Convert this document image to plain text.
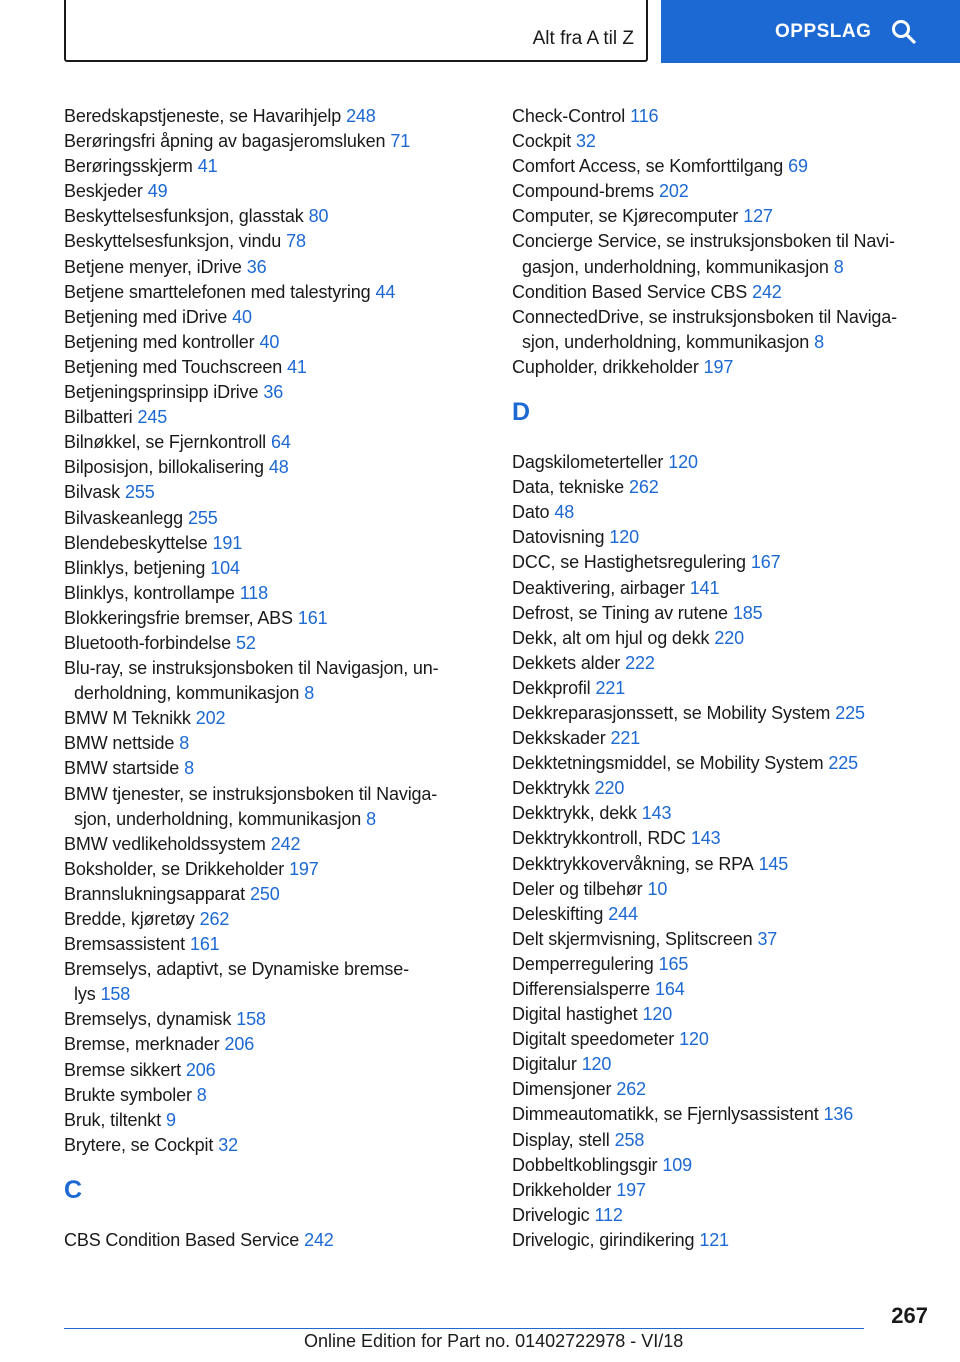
Alt fra A til Z	OPPSLAG
Beredskapstjeneste, se Havarihjelp 248
Berøringsfri åpning av bagasjeromsluken 71
Berøringsskjerm 41
Beskjeder 49
Beskyttelsesfunksjon, glasstak 80
Beskyttelsesfunksjon, vindu 78
Betjene menyer, iDrive 36
Betjene smarttelefonen med talestyring 44
Betjening med iDrive 40
Betjening med kontroller 40
Betjening med Touchscreen 41
Betjeningsprinsipp iDrive 36
Bilbatteri 245
Bilnøkkel, se Fjernkontroll 64
Bilposisjon, billokalisering 48
Bilvask 255
Bilvaskeanlegg 255
Blendebeskyttelse 191
Blinklys, betjening 104
Blinklys, kontrollampe 118
Blokkeringsfrie bremser, ABS 161
Bluetooth-forbindelse 52
Blu-ray, se instruksjonsboken til Navigasjon, un‐
derholdning, kommunikasjon 8
BMW M Teknikk 202
BMW nettside 8
BMW startside 8
BMW tjenester, se instruksjonsboken til Naviga‐
sjon, underholdning, kommunikasjon 8
BMW vedlikeholdssystem 242
Boksholder, se Drikkeholder 197
Brannslukningsapparat 250
Bredde, kjøretøy 262
Bremsassistent 161
Bremselys, adaptivt, se Dynamiske bremse‐
lys 158
Bremselys, dynamisk 158
Bremse, merknader 206
Bremse sikkert 206
Brukte symboler 8
Bruk, tiltenkt 9
Brytere, se Cockpit 32
C
CBS Condition Based Service 242
Check-Control 116
Cockpit 32
Comfort Access, se Komforttilgang 69
Compound-brems 202
Computer, se Kjørecomputer 127
Concierge Service, se instruksjonsboken til Navi‐
gasjon, underholdning, kommunikasjon 8
Condition Based Service CBS 242
ConnectedDrive, se instruksjonsboken til Naviga‐
sjon, underholdning, kommunikasjon 8
Cupholder, drikkeholder 197
D
Dagskilometerteller 120
Data, tekniske 262
Dato 48
Datovisning 120
DCC, se Hastighetsregulering 167
Deaktivering, airbager 141
Defrost, se Tining av rutene 185
Dekk, alt om hjul og dekk 220
Dekkets alder 222
Dekkprofil 221
Dekkreparasjonssett, se Mobility System 225
Dekkskader 221
Dekktetningsmiddel, se Mobility System 225
Dekktrykk 220
Dekktrykk, dekk 143
Dekktrykkontroll, RDC 143
Dekktrykkovervåkning, se RPA 145
Deler og tilbehør 10
Deleskifting 244
Delt skjermvisning, Splitscreen 37
Demperregulering 165
Differensialsperre 164
Digital hastighet 120
Digitalt speedometer 120
Digitalur 120
Dimensjoner 262
Dimmeautomatikk, se Fjernlysassistent 136
Display, stell 258
Dobbeltkoblingsgir 109
Drikkeholder 197
Drivelogic 112
Drivelogic, girindikering 121
267
Online Edition for Part no. 01402722978 - VI/18
